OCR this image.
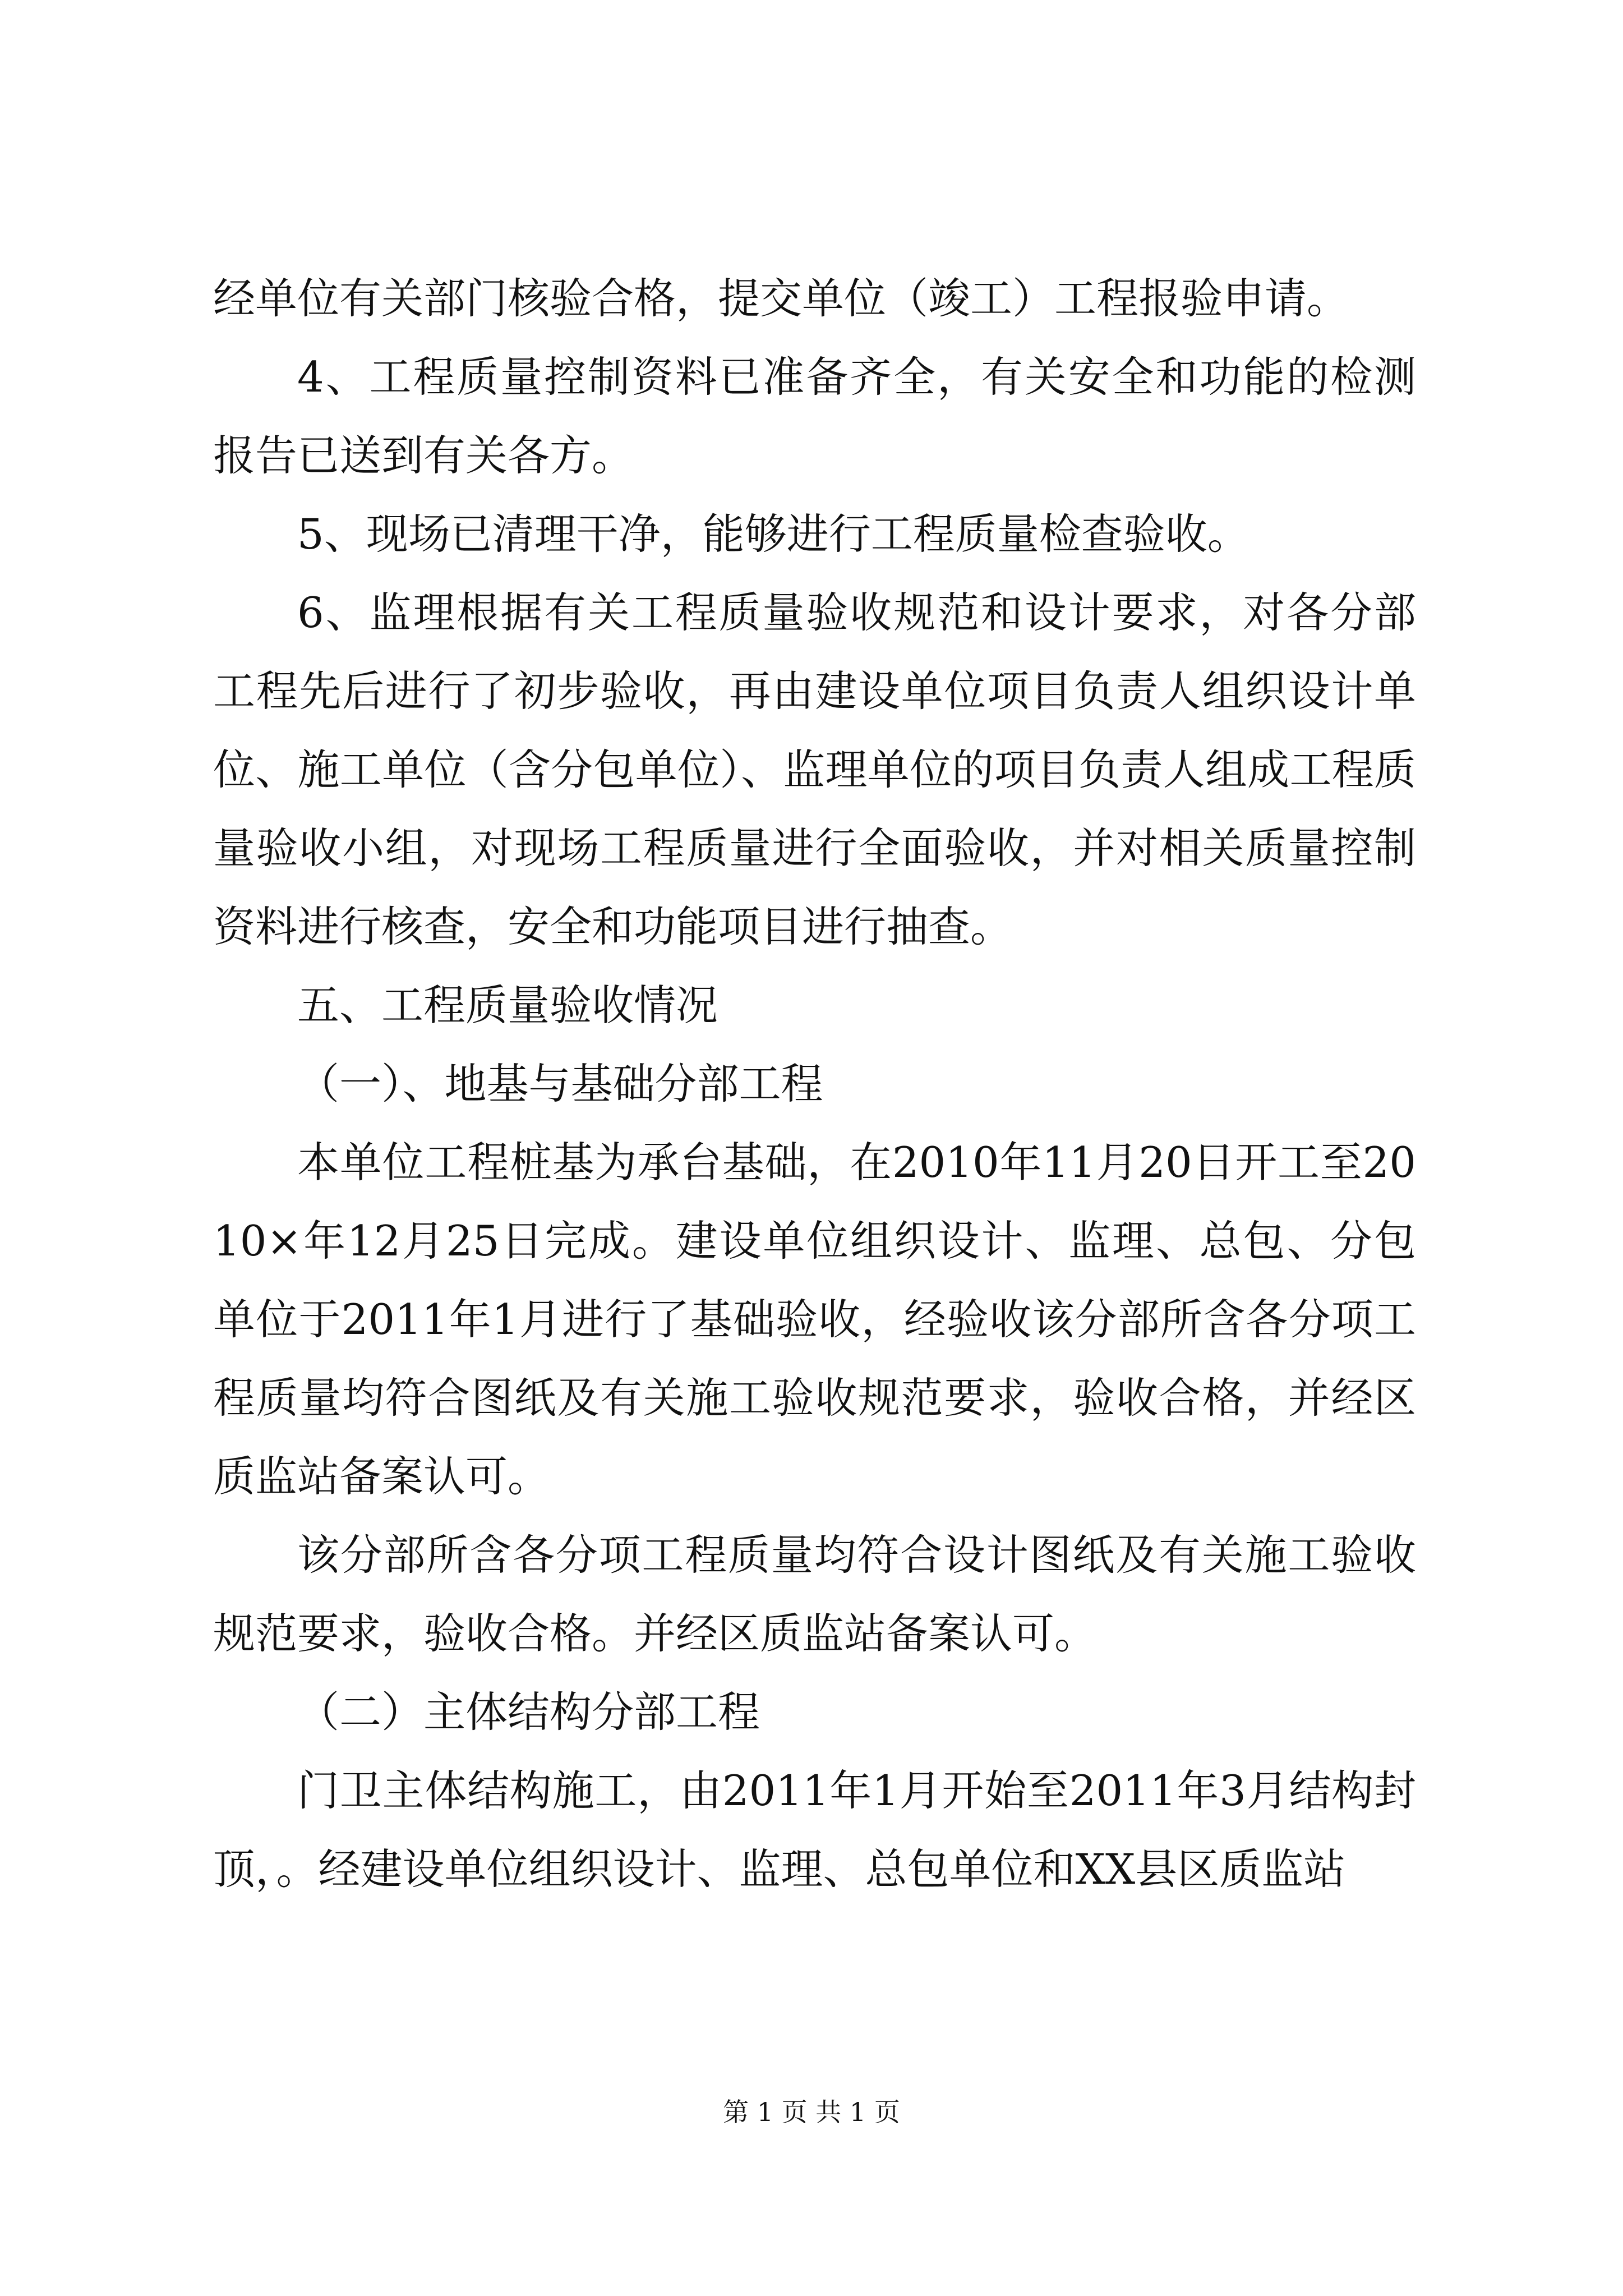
经单位有关部门核验合格，提交单位（竣工）工程报验申请。

4、工程质量控制资料已准备齐全，有关安全和功能的检测报告已送到有关各方。

5、现场已清理干净，能够进行工程质量检查验收。

6、监理根据有关工程质量验收规范和设计要求，对各分部工程先后进行了初步验收，再由建设单位项目负责人组织设计单位、施工单位（含分包单位）、监理单位的项目负责人组成工程质量验收小组，对现场工程质量进行全面验收，并对相关质量控制资料进行核查，安全和功能项目进行抽查。

五、工程质量验收情况

（一）、地基与基础分部工程

本单位工程桩基为承台基础，在2010年11月20日开工至2010×年12月25日完成。建设单位组织设计、监理、总包、分包单位于2011年1月进行了基础验收，经验收该分部所含各分项工程质量均符合图纸及有关施工验收规范要求，验收合格，并经区质监站备案认可。

该分部所含各分项工程质量均符合设计图纸及有关施工验收规范要求，验收合格。并经区质监站备案认可。

（二）主体结构分部工程

门卫主体结构施工，由2011年1月开始至2011年3月结构封顶，。经建设单位组织设计、监理、总包单位和XX县区质监站

第 1 页 共 1 页
